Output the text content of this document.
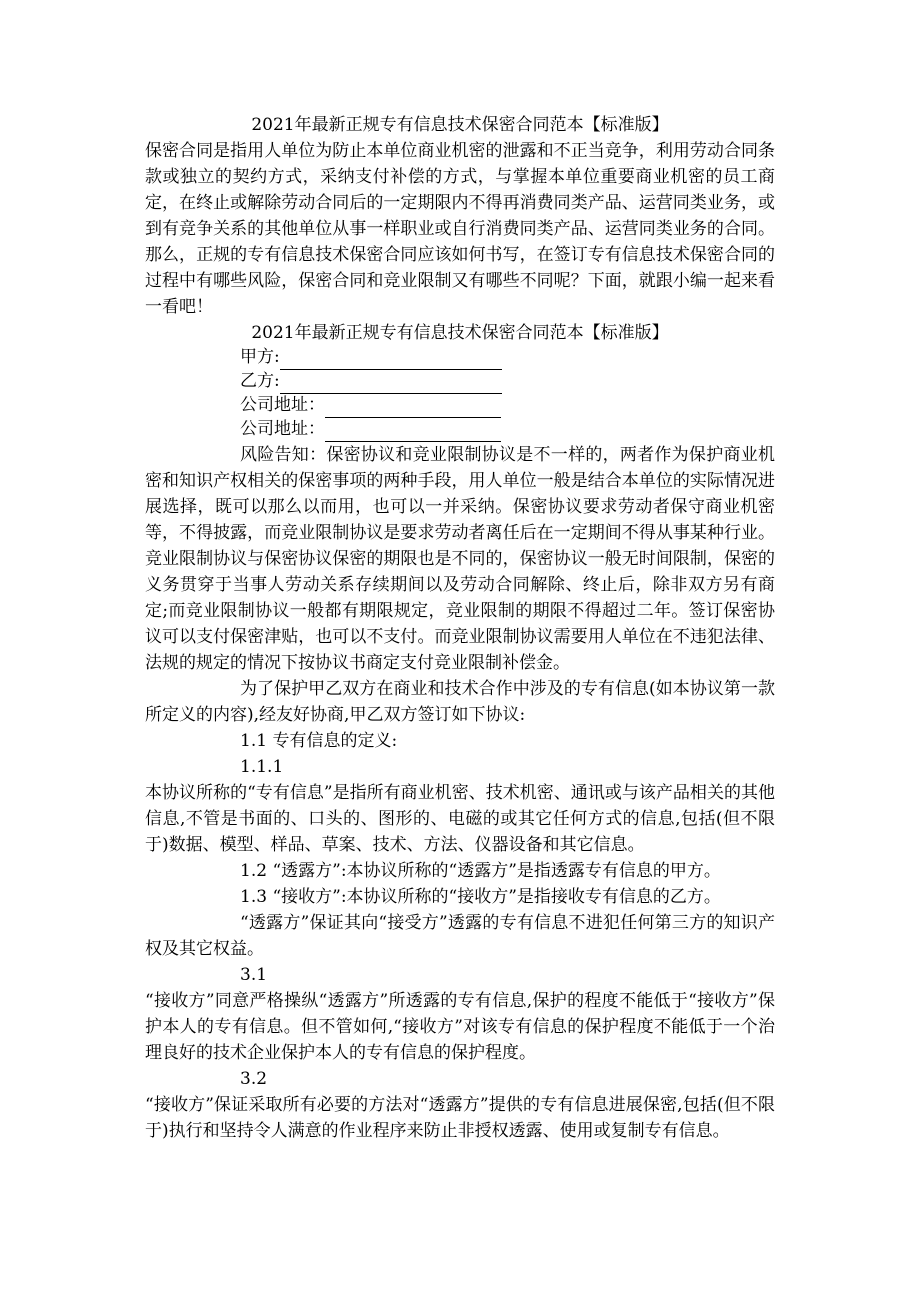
2021年最新正规专有信息技术保密合同范本【标准版】

保密合同是指用人单位为防止本单位商业机密的泄露和不正当竞争，利用劳动合同条款或独立的契约方式，采纳支付补偿的方式，与掌握本单位重要商业机密的员工商定，在终止或解除劳动合同后的一定期限内不得再消费同类产品、运营同类业务，或到有竞争关系的其他单位从事一样职业或自行消费同类产品、运营同类业务的合同。那么，正规的专有信息技术保密合同应该如何书写，在签订专有信息技术保密合同的过程中有哪些风险，保密合同和竞业限制又有哪些不同呢？下面，就跟小编一起来看一看吧！

2021年最新正规专有信息技术保密合同范本【标准版】

甲方:
乙方:
公司地址：
公司地址：

风险告知：保密协议和竞业限制协议是不一样的，两者作为保护商业机密和知识产权相关的保密事项的两种手段，用人单位一般是结合本单位的实际情况进展选择，既可以那么以而用，也可以一并采纳。保密协议要求劳动者保守商业机密等，不得披露，而竞业限制协议是要求劳动者离任后在一定期间不得从事某种行业。竞业限制协议与保密协议保密的期限也是不同的，保密协议一般无时间限制，保密的义务贯穿于当事人劳动关系存续期间以及劳动合同解除、终止后，除非双方另有商定;而竞业限制协议一般都有期限规定，竞业限制的期限不得超过二年。签订保密协议可以支付保密津贴，也可以不支付。而竞业限制协议需要用人单位在不违犯法律、法规的规定的情况下按协议书商定支付竞业限制补偿金。

为了保护甲乙双方在商业和技术合作中涉及的专有信息(如本协议第一款所定义的内容),经友好协商,甲乙双方签订如下协议:

1.1 专有信息的定义:

1.1.1

本协议所称的“专有信息”是指所有商业机密、技术机密、通讯或与该产品相关的其他信息,不管是书面的、口头的、图形的、电磁的或其它任何方式的信息,包括(但不限于)数据、模型、样品、草案、技术、方法、仪器设备和其它信息。

1.2 “透露方”:本协议所称的“透露方”是指透露专有信息的甲方。

1.3 “接收方”:本协议所称的“接收方”是指接收专有信息的乙方。

“透露方”保证其向“接受方”透露的专有信息不进犯任何第三方的知识产权及其它权益。

3.1

“接收方”同意严格操纵“透露方”所透露的专有信息,保护的程度不能低于“接收方”保护本人的专有信息。但不管如何,“接收方”对该专有信息的保护程度不能低于一个治理良好的技术企业保护本人的专有信息的保护程度。

3.2

“接收方”保证采取所有必要的方法对“透露方”提供的专有信息进展保密,包括(但不限于)执行和坚持令人满意的作业程序来防止非授权透露、使用或复制专有信息。
